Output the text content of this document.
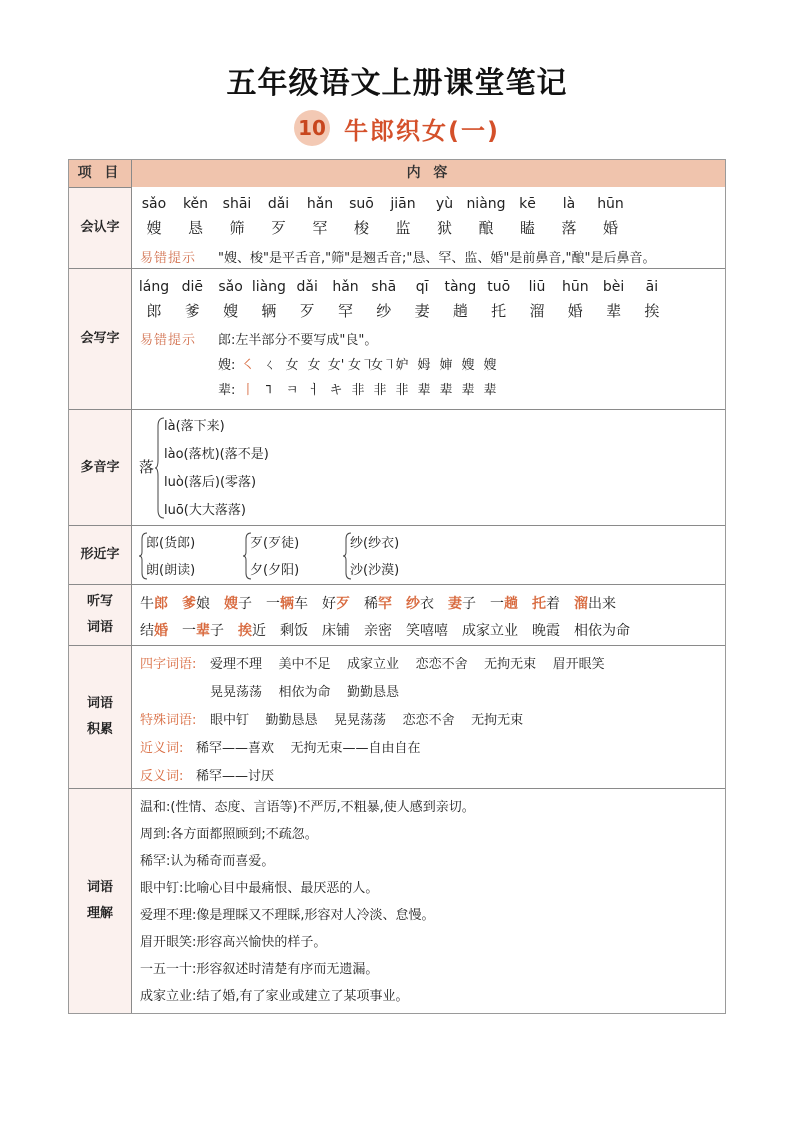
五年级语文上册课堂笔记
10 牛郎织女(一)
项 目	内 容
会认字
sǎo	kěn	shāi	dǎi	hǎn	suō	jiān	yù niàng kē	là	hūn
嫂	恳	筛	歹	罕	梭	监	狱	酿	瞌	落	婚
易错提示 "嫂、梭"是平舌音,"筛"是翘舌音;"恳、罕、监、婚"是前鼻音,"酿"是后鼻音。
会写字
láng diē	sǎo liàng dǎi	hǎn shā	qī	tàng tuō	liū	hūn	bèi	āi
郎	爹	嫂	辆	歹	罕	纱	妻	趟	托	溜	婚	辈	挨
易错提示 郎:左半部分不要写成"良"。
嫂: ㇛ ㄑ 女 女 女' 女㇕
女㇕ 妒 姆 婶 嫂 嫂
辈: 丨 ┐ ㅋ ㅓ キ 非 非 非 辈 辈 辈 辈
多音字	落
là(落下来)
lào(落枕)(落不是)
luò(落后)(零落)
luō(大大落落)
形近字
郎(货郎)
朗(朗读)
歹(歹徒)
夕(夕阳)
纱(纱衣)
沙(沙漠)
听写
词语
牛郎 爹娘 嫂子 一辆车 好歹 稀罕 纱衣 妻子 一趟 托着 溜出来
结婚 一辈子 挨近 剩饭 床铺 亲密 笑嘻嘻 成家立业 晚霞 相依为命
词语
积累
四字词语: 爱理不理    美中不足    成家立业    恋恋不舍    无拘无束    眉开眼笑
晃晃荡荡    相依为命    勤勤恳恳
特殊词语: 眼中钉    勤勤恳恳    晃晃荡荡    恋恋不舍    无拘无束
近义词: 稀罕——喜欢    无拘无束——自由自在
反义词: 稀罕——讨厌
词语
理解
温和:(性情、态度、言语等)不严厉,不粗暴,使人感到亲切。
周到:各方面都照顾到;不疏忽。
稀罕:认为稀奇而喜爱。
眼中钉:比喻心目中最痛恨、最厌恶的人。
爱理不理:像是理睬又不理睬,形容对人冷淡、怠慢。
眉开眼笑:形容高兴愉快的样子。
一五一十:形容叙述时清楚有序而无遗漏。
成家立业:结了婚,有了家业或建立了某项事业。
